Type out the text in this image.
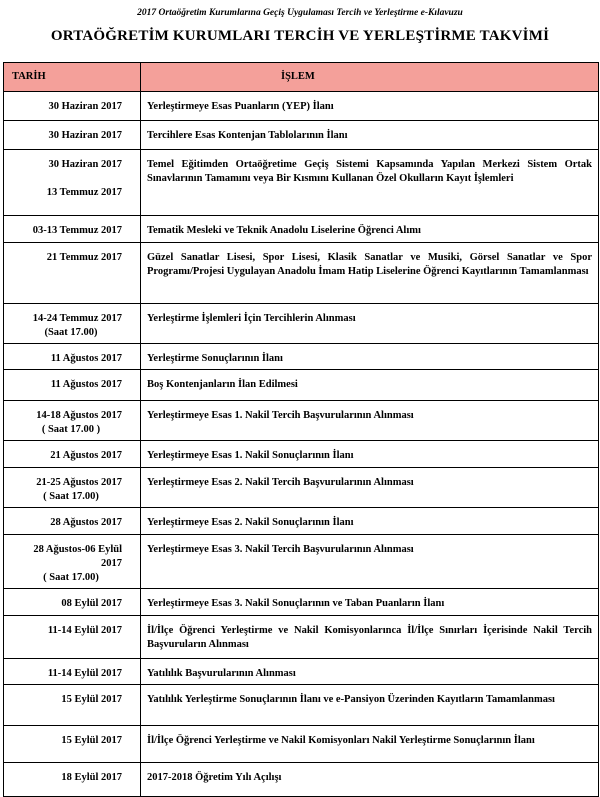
2017 Ortaöğretim Kurumlarına Geçiş Uygulaması Tercih ve Yerleştirme e-Kılavuzu
ORTAÖĞRETİM KURUMLARI TERCİH VE YERLEŞTİRME TAKVİMİ
TARİH	İŞLEM

30 Haziran 2017	Yerleştirmeye Esas Puanların (YEP) İlanı

30 Haziran 2017	Tercihlere Esas Kontenjan Tablolarının İlanı

30 Haziran 2017
13 Temmuz 2017	Temel Eğitimden Ortaöğretime Geçiş Sistemi Kapsamında Yapılan Merkezi Sistem Ortak Sınavlarının Tamamını veya Bir Kısmını Kullanan Özel Okulların Kayıt İşlemleri

03-13 Temmuz 2017	Tematik Mesleki ve Teknik Anadolu Liselerine Öğrenci Alımı

21 Temmuz 2017	Güzel Sanatlar Lisesi, Spor Lisesi, Klasik Sanatlar ve Musiki, Görsel Sanatlar ve Spor Programı/Projesi Uygulayan Anadolu İmam Hatip Liselerine Öğrenci Kayıtlarının Tamamlanması

14-24 Temmuz 2017
(Saat 17.00)	Yerleştirme İşlemleri İçin Tercihlerin Alınması

11 Ağustos 2017	Yerleştirme Sonuçlarının İlanı

11 Ağustos 2017	Boş Kontenjanların İlan Edilmesi

14-18 Ağustos 2017
( Saat 17.00 )	Yerleştirmeye Esas 1. Nakil Tercih Başvurularının Alınması

21 Ağustos 2017	Yerleştirmeye Esas 1. Nakil Sonuçlarının İlanı

21-25 Ağustos 2017
( Saat 17.00)	Yerleştirmeye Esas 2. Nakil Tercih Başvurularının Alınması

28 Ağustos 2017	Yerleştirmeye Esas 2. Nakil Sonuçlarının İlanı

28 Ağustos-06 Eylül 2017
( Saat 17.00)	Yerleştirmeye Esas 3. Nakil Tercih Başvurularının Alınması

08 Eylül 2017	Yerleştirmeye Esas 3. Nakil Sonuçlarının ve Taban Puanların İlanı

11-14 Eylül 2017	İl/İlçe Öğrenci Yerleştirme ve Nakil Komisyonlarınca İl/İlçe Sınırları İçerisinde Nakil Tercih Başvuruların Alınması

11-14 Eylül 2017	Yatılılık Başvurularının Alınması

15 Eylül 2017	Yatılılık Yerleştirme Sonuçlarının İlanı ve e-Pansiyon Üzerinden Kayıtların Tamamlanması

15 Eylül 2017	İl/İlçe Öğrenci Yerleştirme ve Nakil Komisyonları Nakil Yerleştirme Sonuçlarının İlanı

18 Eylül 2017	2017-2018 Öğretim Yılı Açılışı
